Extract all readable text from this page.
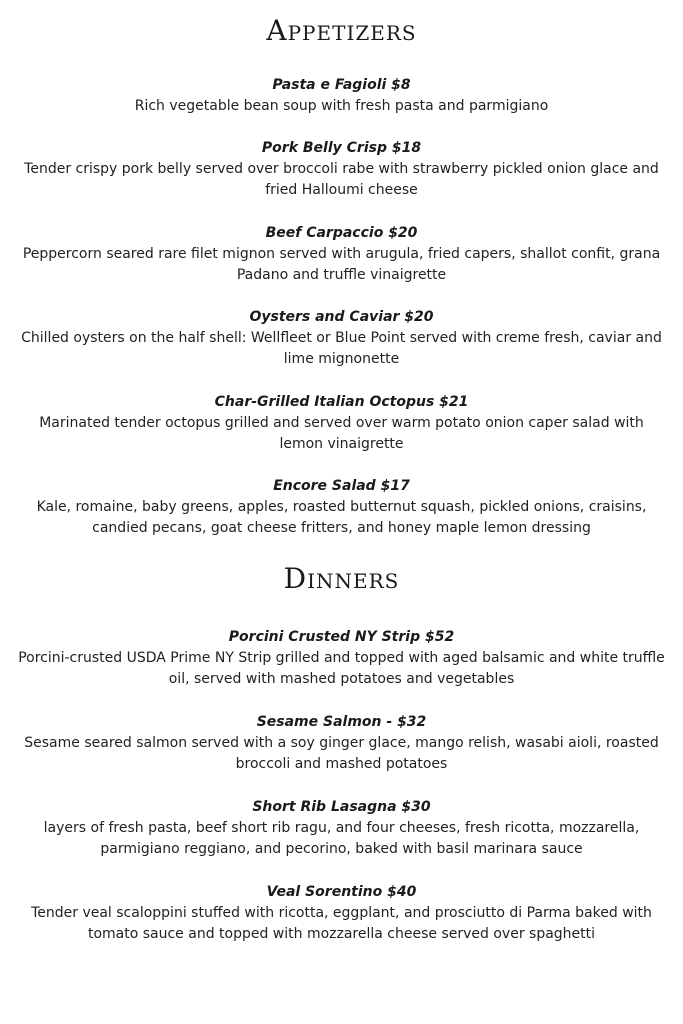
Appetizers
Pasta e Fagioli $8
Rich vegetable bean soup with fresh pasta and parmigiano
Pork Belly Crisp $18
Tender crispy pork belly served over broccoli rabe with strawberry pickled onion glace and fried Halloumi cheese
Beef Carpaccio $20
Peppercorn seared rare filet mignon served with arugula, fried capers, shallot confit, grana Padano and truffle vinaigrette
Oysters and Caviar $20
Chilled oysters on the half shell: Wellfleet or Blue Point served with creme fresh, caviar and lime mignonette
Char-Grilled Italian Octopus $21
Marinated tender octopus grilled and served over warm potato onion caper salad with lemon vinaigrette
Encore Salad $17
Kale, romaine, baby greens, apples, roasted butternut squash, pickled onions, craisins, candied pecans, goat cheese fritters, and honey maple lemon dressing
Dinners
Porcini Crusted NY Strip $52
Porcini-crusted USDA Prime NY Strip grilled and topped with aged balsamic and white truffle oil, served with mashed potatoes and vegetables
Sesame Salmon - $32
Sesame seared salmon served with a soy ginger glace, mango relish, wasabi aioli, roasted broccoli and mashed potatoes
Short Rib Lasagna $30
layers of fresh pasta, beef short rib ragu, and four cheeses, fresh ricotta, mozzarella, parmigiano reggiano, and pecorino, baked with basil marinara sauce
Veal Sorentino $40
Tender veal scaloppini stuffed with ricotta, eggplant, and prosciutto di Parma baked with tomato sauce and topped with mozzarella cheese served over spaghetti
